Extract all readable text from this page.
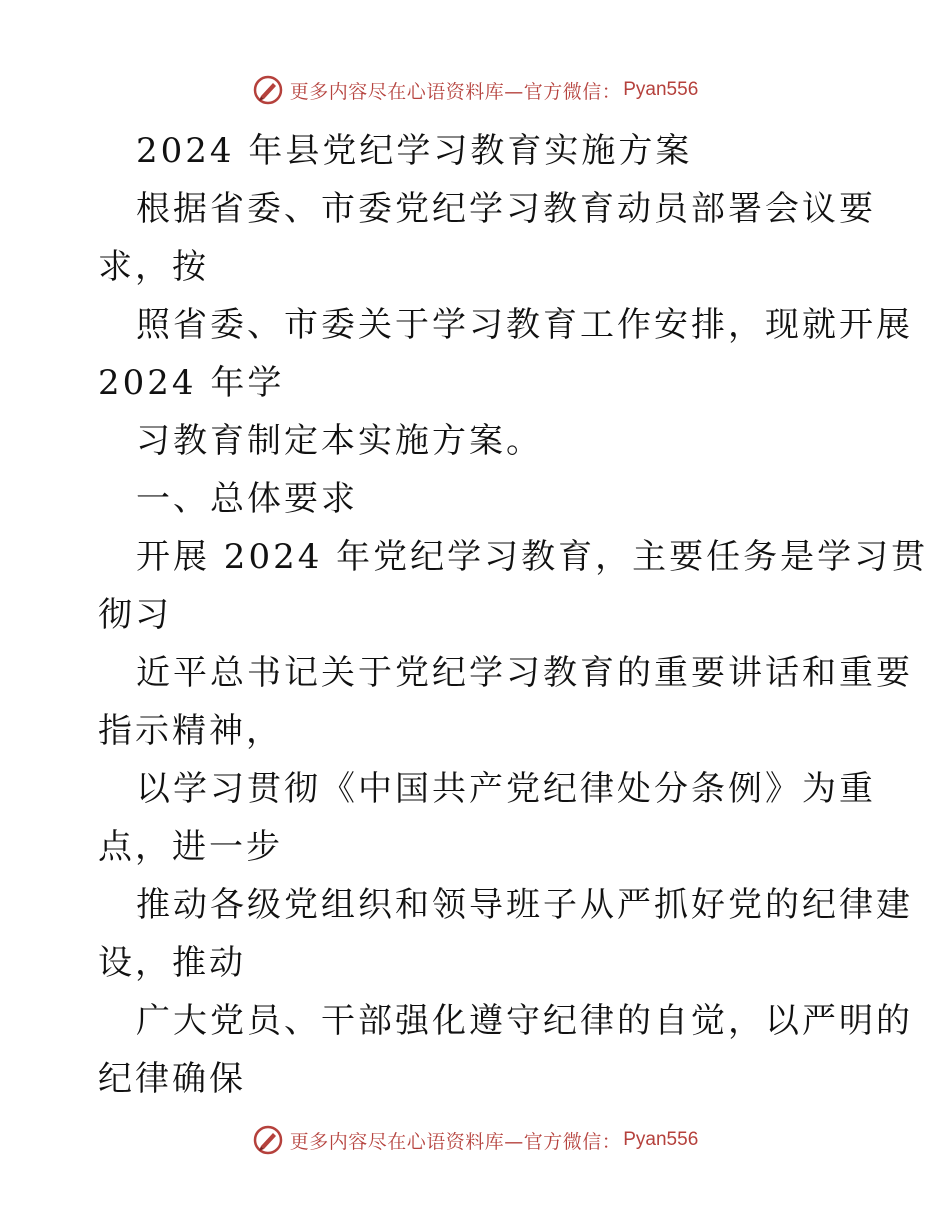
更多内容尽在心语资料库—官方微信： Pyan556
2024 年县党纪学习教育实施方案
根据省委、市委党纪学习教育动员部署会议要
求，按
照省委、市委关于学习教育工作安排，现就开展
2024 年学
习教育制定本实施方案。
一、总体要求
开展 2024 年党纪学习教育，主要任务是学习贯
彻习
近平总书记关于党纪学习教育的重要讲话和重要
指示精神，
以学习贯彻《中国共产党纪律处分条例》为重
点，进一步
推动各级党组织和领导班子从严抓好党的纪律建
设，推动
广大党员、干部强化遵守纪律的自觉，以严明的
纪律确保
更多内容尽在心语资料库—官方微信： Pyan556
